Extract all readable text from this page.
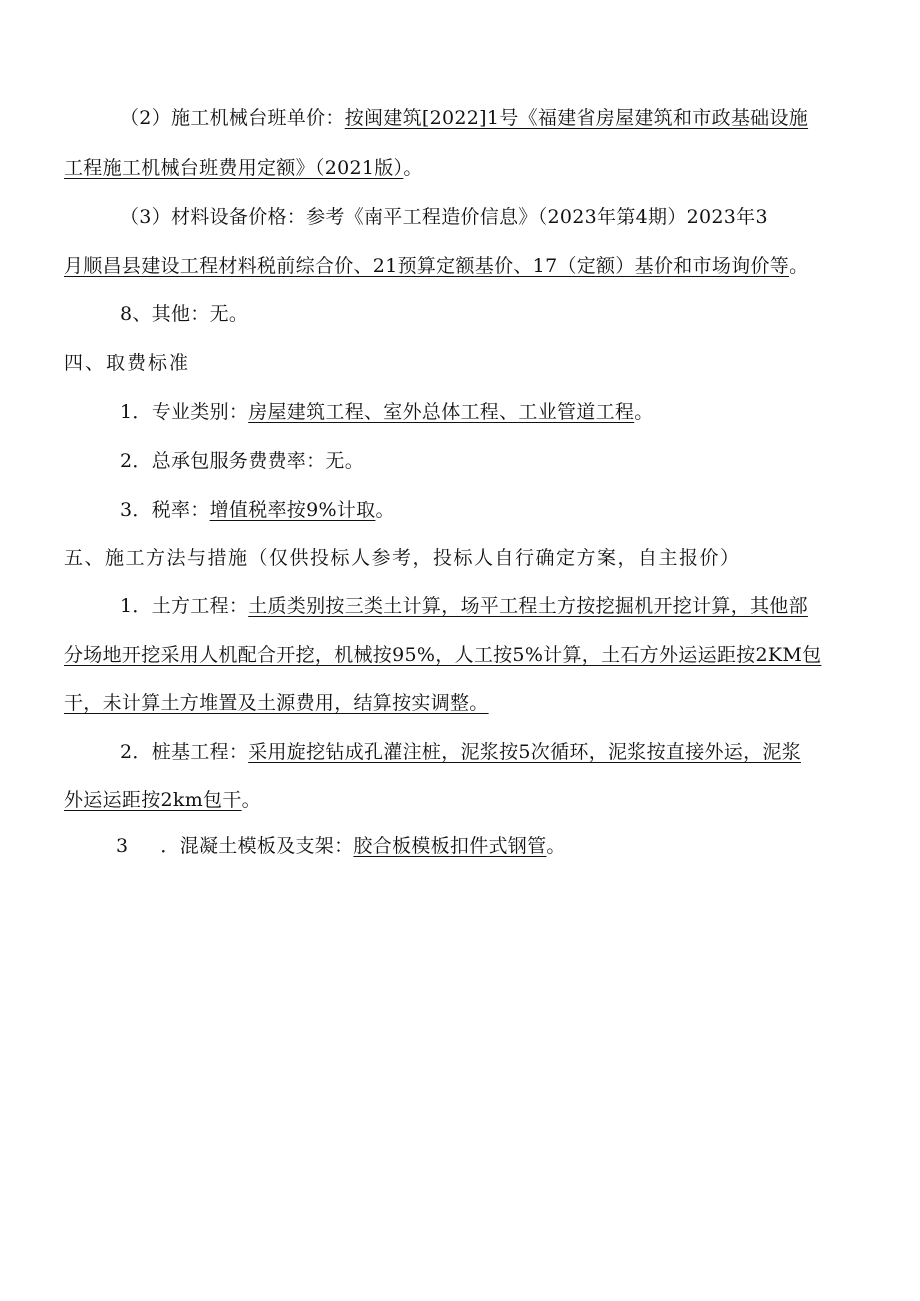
（2）施工机械台班单价：按闽建筑[2022]1号《福建省房屋建筑和市政基础设施
工程施工机械台班费用定额》（2021版）。
（3）材料设备价格：参考《南平工程造价信息》（2023年第4期）2023年3
月顺昌县建设工程材料税前综合价、21预算定额基价、17（定额）基价和市场询价等。
8、其他：无。
四、取费标准
1．专业类别：房屋建筑工程、室外总体工程、工业管道工程。
2．总承包服务费费率：无。
3．税率：增值税率按9%计取。
五、施工方法与措施（仅供投标人参考，投标人自行确定方案，自主报价）
1．土方工程：土质类别按三类土计算，场平工程土方按挖掘机开挖计算，其他部
分场地开挖采用人机配合开挖，机械按95%，人工按5%计算，土石方外运运距按2KM包
干，未计算土方堆置及土源费用，结算按实调整。
2．桩基工程：采用旋挖钻成孔灌注桩，泥浆按5次循环，泥浆按直接外运，泥浆
外运运距按2km包干。
3 ．混凝土模板及支架：胶合板模板扣件式钢管。
